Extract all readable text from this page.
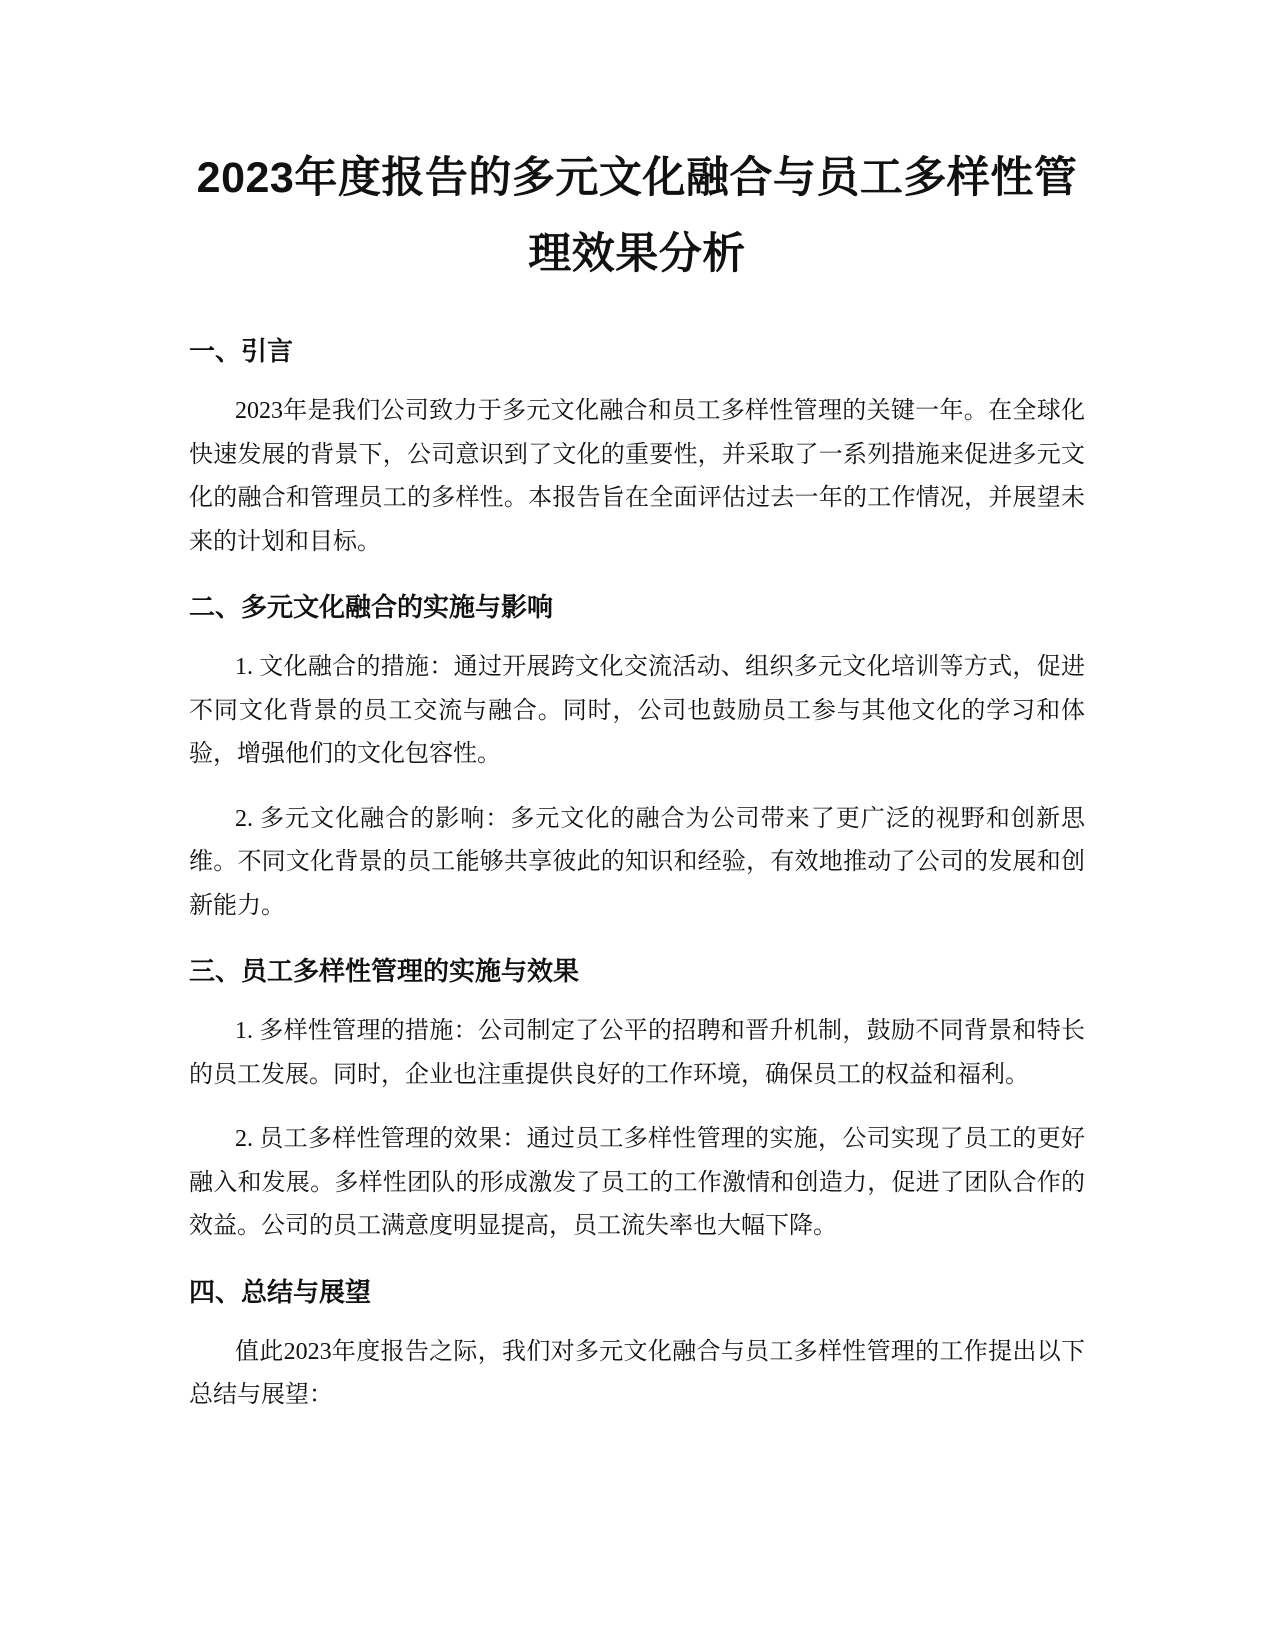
2023年度报告的多元文化融合与员工多样性管理效果分析
一、引言

2023年是我们公司致力于多元文化融合和员工多样性管理的关键一年。在全球化快速发展的背景下，公司意识到了文化的重要性，并采取了一系列措施来促进多元文化的融合和管理员工的多样性。本报告旨在全面评估过去一年的工作情况，并展望未来的计划和目标。

二、多元文化融合的实施与影响

1. 文化融合的措施：通过开展跨文化交流活动、组织多元文化培训等方式，促进不同文化背景的员工交流与融合。同时，公司也鼓励员工参与其他文化的学习和体验，增强他们的文化包容性。

2. 多元文化融合的影响：多元文化的融合为公司带来了更广泛的视野和创新思维。不同文化背景的员工能够共享彼此的知识和经验，有效地推动了公司的发展和创新能力。

三、员工多样性管理的实施与效果

1. 多样性管理的措施：公司制定了公平的招聘和晋升机制，鼓励不同背景和特长的员工发展。同时，企业也注重提供良好的工作环境，确保员工的权益和福利。

2. 员工多样性管理的效果：通过员工多样性管理的实施，公司实现了员工的更好融入和发展。多样性团队的形成激发了员工的工作激情和创造力，促进了团队合作的效益。公司的员工满意度明显提高，员工流失率也大幅下降。

四、总结与展望

值此2023年度报告之际，我们对多元文化融合与员工多样性管理的工作提出以下总结与展望：
